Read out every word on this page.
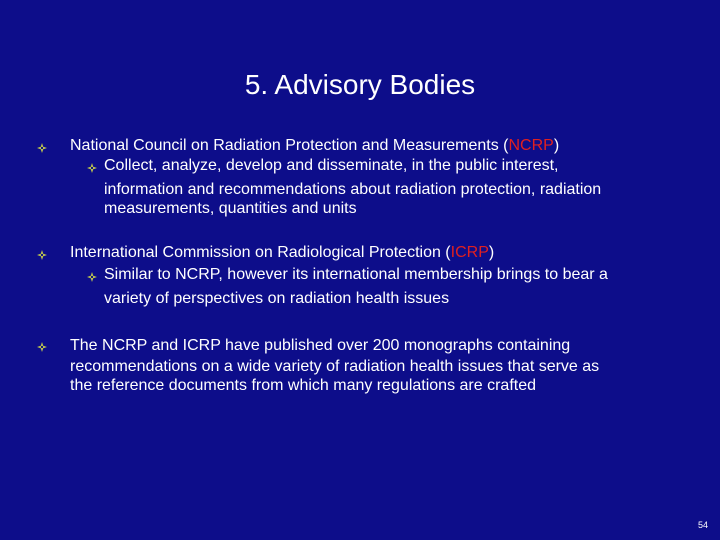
5. Advisory Bodies
National Council on Radiation Protection and Measurements (NCRP)
Collect, analyze, develop and disseminate, in the public interest,
information and recommendations about radiation protection, radiation
measurements, quantities and units
International Commission on Radiological Protection (ICRP)
Similar to NCRP, however its international membership brings to bear a
variety of perspectives on radiation health issues
The NCRP and ICRP have published over 200 monographs containing
recommendations on a wide variety of radiation health issues that serve as
the reference documents from which many regulations are crafted
54
